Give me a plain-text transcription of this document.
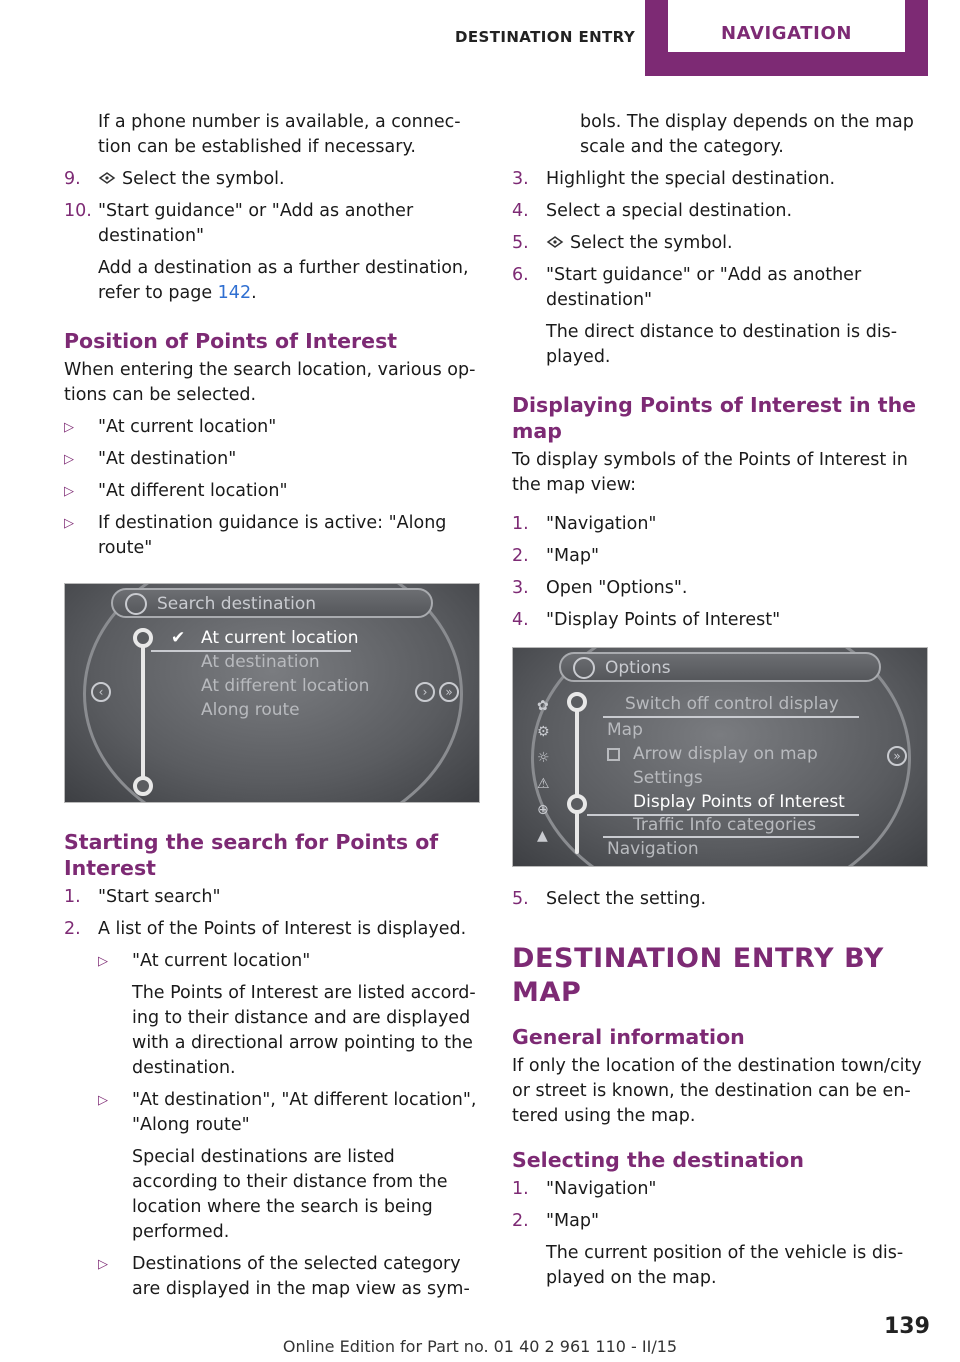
DESTINATION ENTRY	NAVIGATION
If a phone number is available, a connec‐tion can be established if necessary.
9. Select the symbol.
10. "Start guidance" or "Add as another destination"
Add a destination as a further destination, refer to page 142.
Position of Points of Interest
When entering the search location, various op‐tions can be selected.
▷ "At current location"
▷ "At destination"
▷ "At different location"
▷ If destination guidance is active: "Along route"
Search destination
✔ At current location
At destination
At different location
Along route
‹	›	»
Starting the search for Points of Interest
1. "Start search"
2. A list of the Points of Interest is displayed.
▷ "At current location"
The Points of Interest are listed accord‐ing to their distance and are displayed with a directional arrow pointing to the destination.
▷ "At destination", "At different location", "Along route"
Special destinations are listed according to their distance from the location where the search is being performed.
▷ Destinations of the selected category are displayed in the map view as sym‐
bols. The display depends on the map scale and the category.
3. Highlight the special destination.
4. Select a special destination.
5. Select the symbol.
6. "Start guidance" or "Add as another destination"
The direct distance to destination is dis‐played.
Displaying Points of Interest in the map
To display symbols of the Points of Interest in the map view:
1. "Navigation"
2. "Map"
3. Open "Options".
4. "Display Points of Interest"
Options
✿
⚙
☼
⚠
⊕
▲
Switch off control display
Map
Arrow display on map
Settings
Display Points of Interest
Traffic Info categories
Navigation
»
5. Select the setting.
DESTINATION ENTRY BY MAP
General information
If only the location of the destination town/city or street is known, the destination can be en‐tered using the map.
Selecting the destination
1. "Navigation"
2. "Map"
The current position of the vehicle is dis‐played on the map.
139
Online Edition for Part no. 01 40 2 961 110 - II/15
